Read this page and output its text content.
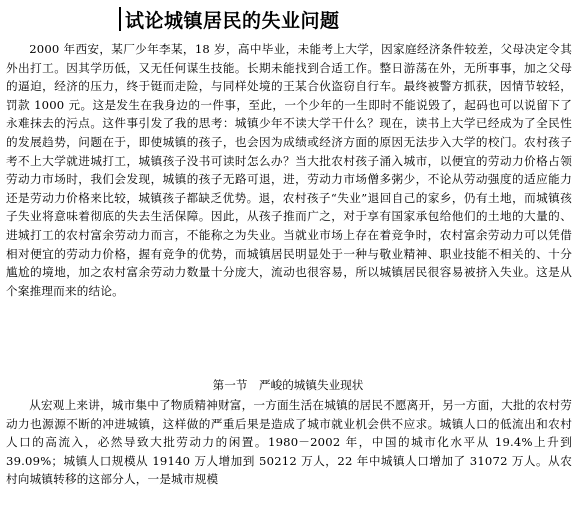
试论城镇居民的失业问题

2000 年西安，某厂少年李某，18 岁，高中毕业，未能考上大学，因家庭经济条件较差，父母决定令其外出打工。因其学历低，又无任何谋生技能。长期未能找到合适工作。整日游荡在外，无所事事，加之父母的逼迫，经济的压力，终于铤而走险，与同样处境的王某合伙盗窃自行车。最终被警方抓获，因情节较轻，罚款 1000 元。这是发生在我身边的一件事，至此，一个少年的一生即时不能说毁了，起码也可以说留下了永难抹去的污点。这件事引发了我的思考：城镇少年不读大学干什么？现在，读书上大学已经成为了全民性的发展趋势，问题在于，即使城镇的孩子，也会因为成绩或经济方面的原因无法步入大学的校门。农村孩子考不上大学就进城打工，城镇孩子没书可读时怎么办？当大批农村孩子涌入城市，以便宜的劳动力价格占领劳动力市场时，我们会发现，城镇的孩子无路可退，进，劳动力市场僧多粥少，不论从劳动强度的适应能力还是劳动力价格来比较，城镇孩子都缺乏优势。退，农村孩子“失业”退回自己的家乡，仍有土地，而城镇孩子失业将意味着彻底的失去生活保障。因此，从孩子推而广之，对于享有国家承包给他们的土地的大量的、进城打工的农村富余劳动力而言，不能称之为失业。当就业市场上存在着竞争时，农村富余劳动力可以凭借相对便宜的劳动力价格，握有竞争的优势，而城镇居民明显处于一种与敬业精神、职业技能不相关的、十分尴尬的境地，加之农村富余劳动力数量十分庞大，流动也很容易，所以城镇居民很容易被挤入失业。这是从个案推理而来的结论。

第一节　严峻的城镇失业现状

从宏观上来讲，城市集中了物质精神财富，一方面生活在城镇的居民不愿离开，另一方面，大批的农村劳动力也源源不断的冲进城镇，这样做的严重后果是造成了城市就业机会供不应求。城镇人口的低流出和农村人口的高流入，必然导致大批劳动力的闲置。1980－2002 年，中国的城市化水平从 19.4%上升到 39.09%；城镇人口规模从 19140 万人增加到 50212 万人，22 年中城镇人口增加了 31072 万人。从农村向城镇转移的这部分人，一是城市规模
